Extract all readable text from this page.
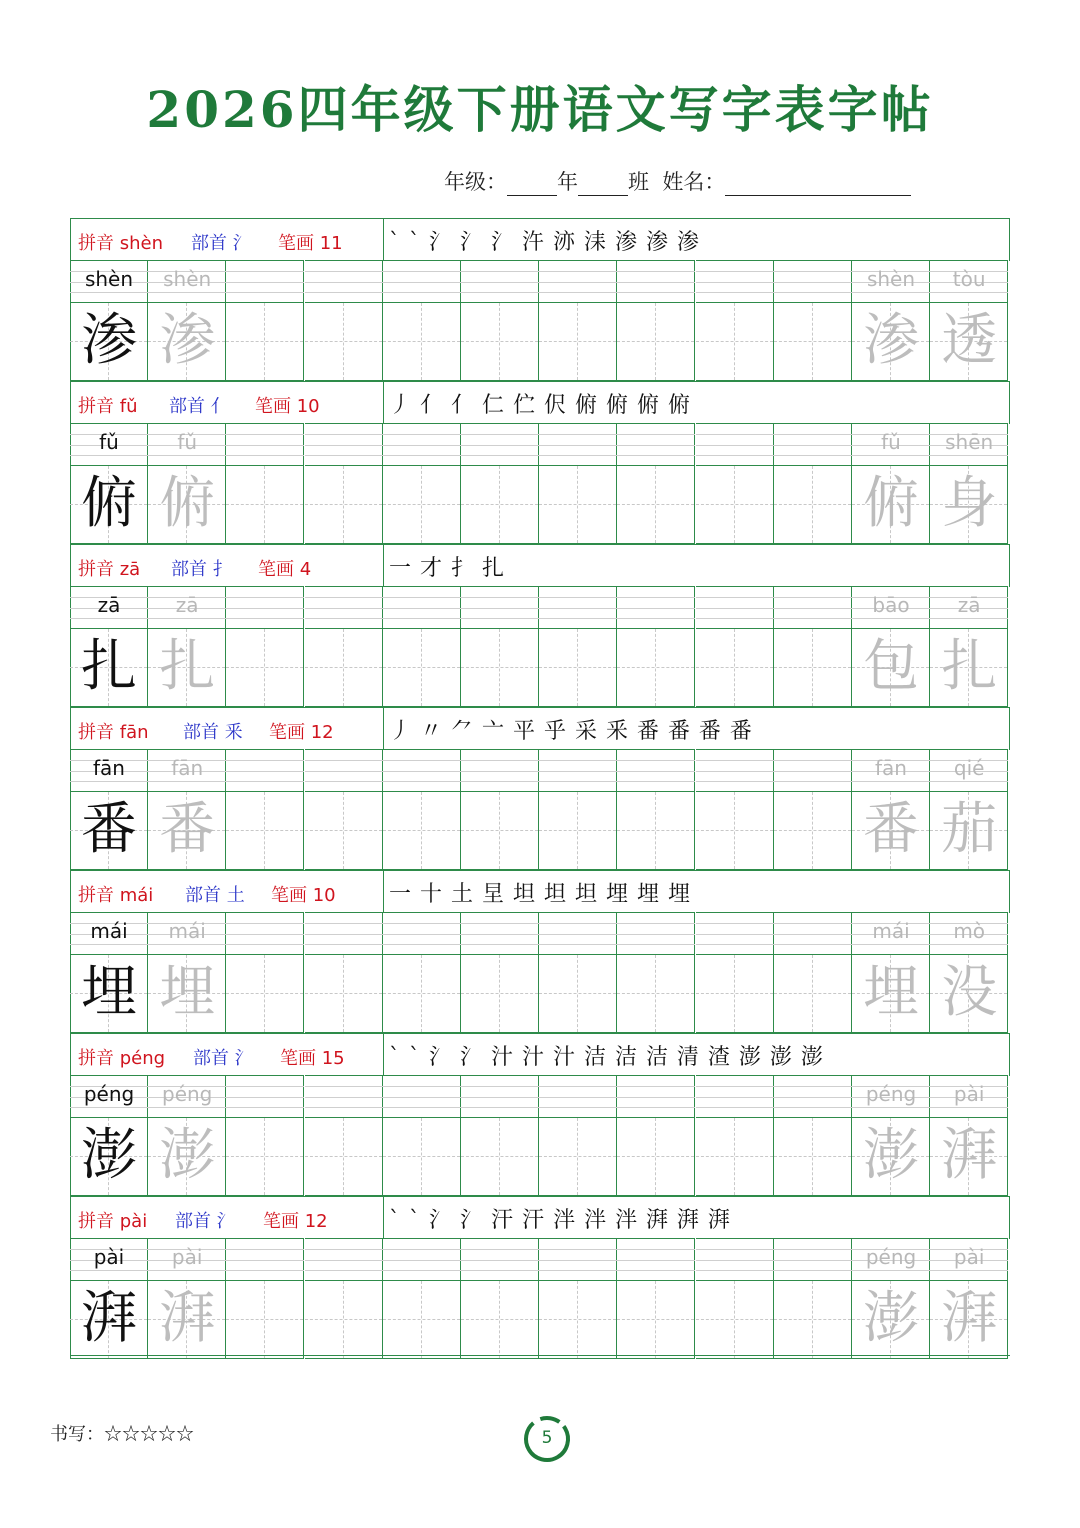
2026四年级下册语文写字表字帖
年级： 年 班 姓名：
拼音 shèn 部首 氵 笔画 11 ` ` 氵 氵 氵 汻 洂 洡 渗 渗 渗
shèn
渗
shèn
渗
shèn
渗
tòu
透
拼音 fǔ 部首 亻 笔画 10	丿 亻 亻 仁 伫 伬 俯 俯 俯 俯
fǔ
俯
fǔ
俯
fǔ
俯
shēn
身
拼音 zā 部首 扌 笔画 4	一 才 扌 扎
zā
扎
zā
扎
bāo
包
zā
扎
拼音 fān 部首 釆 笔画 12	丿 〃 ⺈ 亠 平 乎 采 釆 番 番 番 番
fān
番
fān
番
fān
番
qié
茄
拼音 mái 部首 土 笔画 10 一 十 土 圼 坦 坦 坦 埋 埋 埋
mái
埋
mái
埋
mái
埋
mò
没
拼音 péng 部首 氵 笔画 15 ` ` 氵 氵 汁 汁 汁 洁 洁 洁 清 渣 澎 澎 澎
péng
澎
péng
澎
péng
澎
pài
湃
拼音 pài 部首 氵 笔画 12	` ` 氵 氵 汗 汗 泮 泮 泮 湃 湃 湃
pài
湃
pài
湃
péng
澎
pài
湃
书写：☆☆☆☆☆	5
